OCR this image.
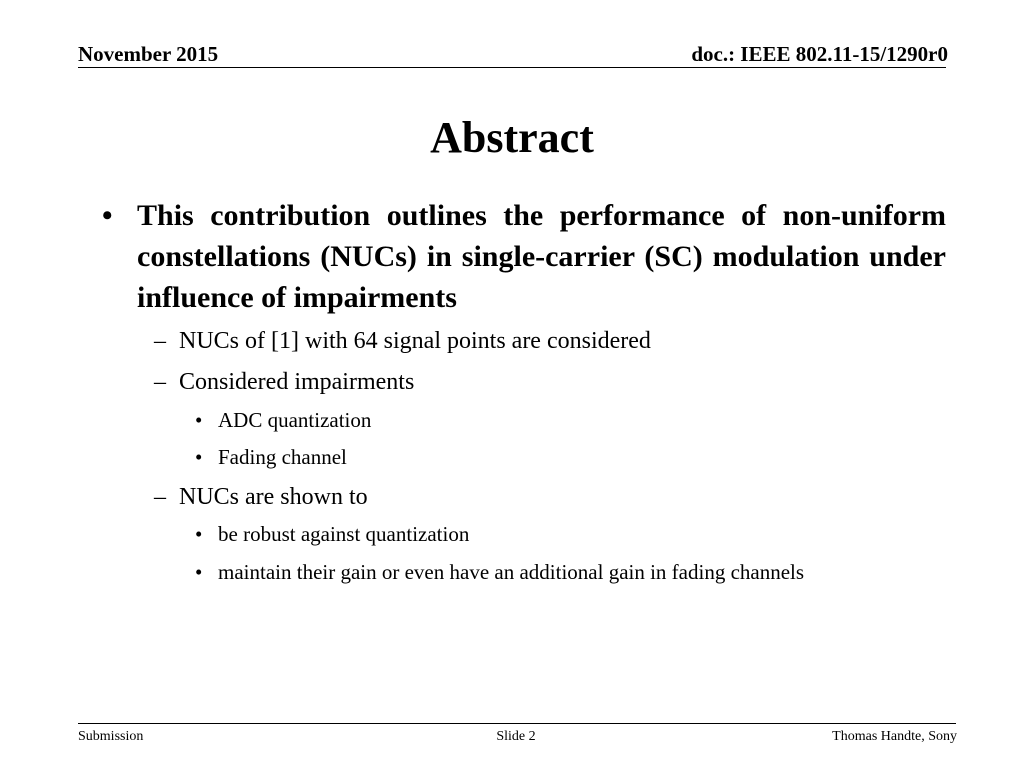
November 2015	doc.: IEEE 802.11-15/1290r0
Abstract
• This contribution outlines the performance of non-uniform constellations (NUCs) in single-carrier (SC) modulation under influence of impairments
– NUCs of [1] with 64 signal points are considered
– Considered impairments
• ADC quantization
• Fading channel
– NUCs are shown to
• be robust against quantization
• maintain their gain or even have an additional gain in fading channels
Submission	Slide 2	Thomas Handte, Sony
